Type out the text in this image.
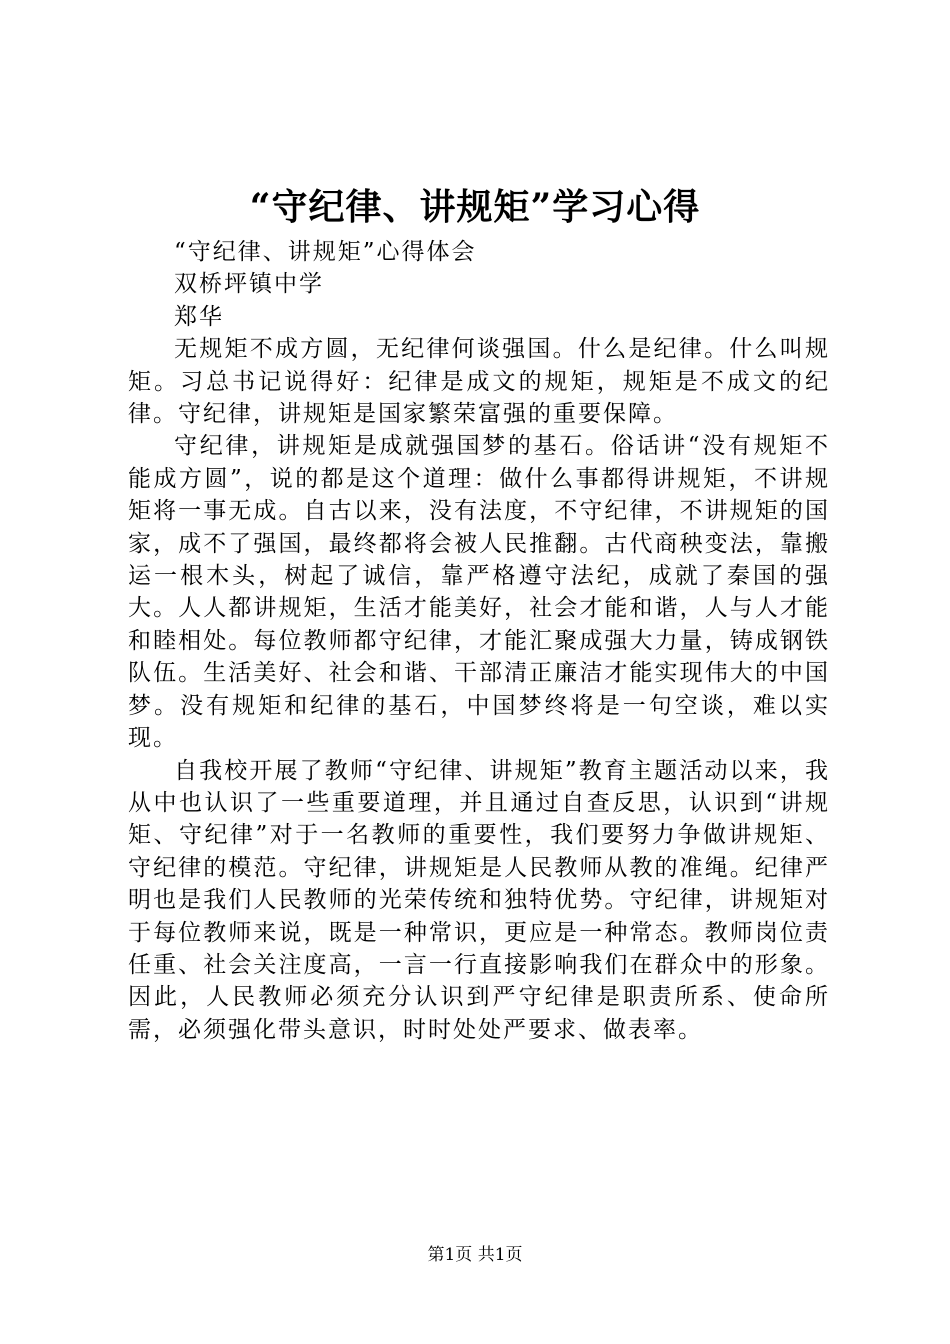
“守纪律、讲规矩”学习心得

“守纪律、讲规矩”心得体会

双桥坪镇中学

郑华

无规矩不成方圆，无纪律何谈强国。什么是纪律。什么叫规矩。习总书记说得好：纪律是成文的规矩，规矩是不成文的纪律。守纪律，讲规矩是国家繁荣富强的重要保障。

守纪律，讲规矩是成就强国梦的基石。俗话讲“没有规矩不能成方圆”，说的都是这个道理：做什么事都得讲规矩，不讲规矩将一事无成。自古以来，没有法度，不守纪律，不讲规矩的国家，成不了强国，最终都将会被人民推翻。古代商秧变法，靠搬运一根木头，树起了诚信，靠严格遵守法纪，成就了秦国的强大。人人都讲规矩，生活才能美好，社会才能和谐，人与人才能和睦相处。每位教师都守纪律，才能汇聚成强大力量，铸成钢铁队伍。生活美好、社会和谐、干部清正廉洁才能实现伟大的中国梦。没有规矩和纪律的基石，中国梦终将是一句空谈，难以实现。

自我校开展了教师“守纪律、讲规矩”教育主题活动以来，我从中也认识了一些重要道理，并且通过自查反思，认识到“讲规矩、守纪律”对于一名教师的重要性，我们要努力争做讲规矩、守纪律的模范。守纪律，讲规矩是人民教师从教的准绳。纪律严明也是我们人民教师的光荣传统和独特优势。守纪律，讲规矩对于每位教师来说，既是一种常识，更应是一种常态。教师岗位责任重、社会关注度高，一言一行直接影响我们在群众中的形象。因此，人民教师必须充分认识到严守纪律是职责所系、使命所需，必须强化带头意识，时时处处严要求、做表率。

第1页 共1页
